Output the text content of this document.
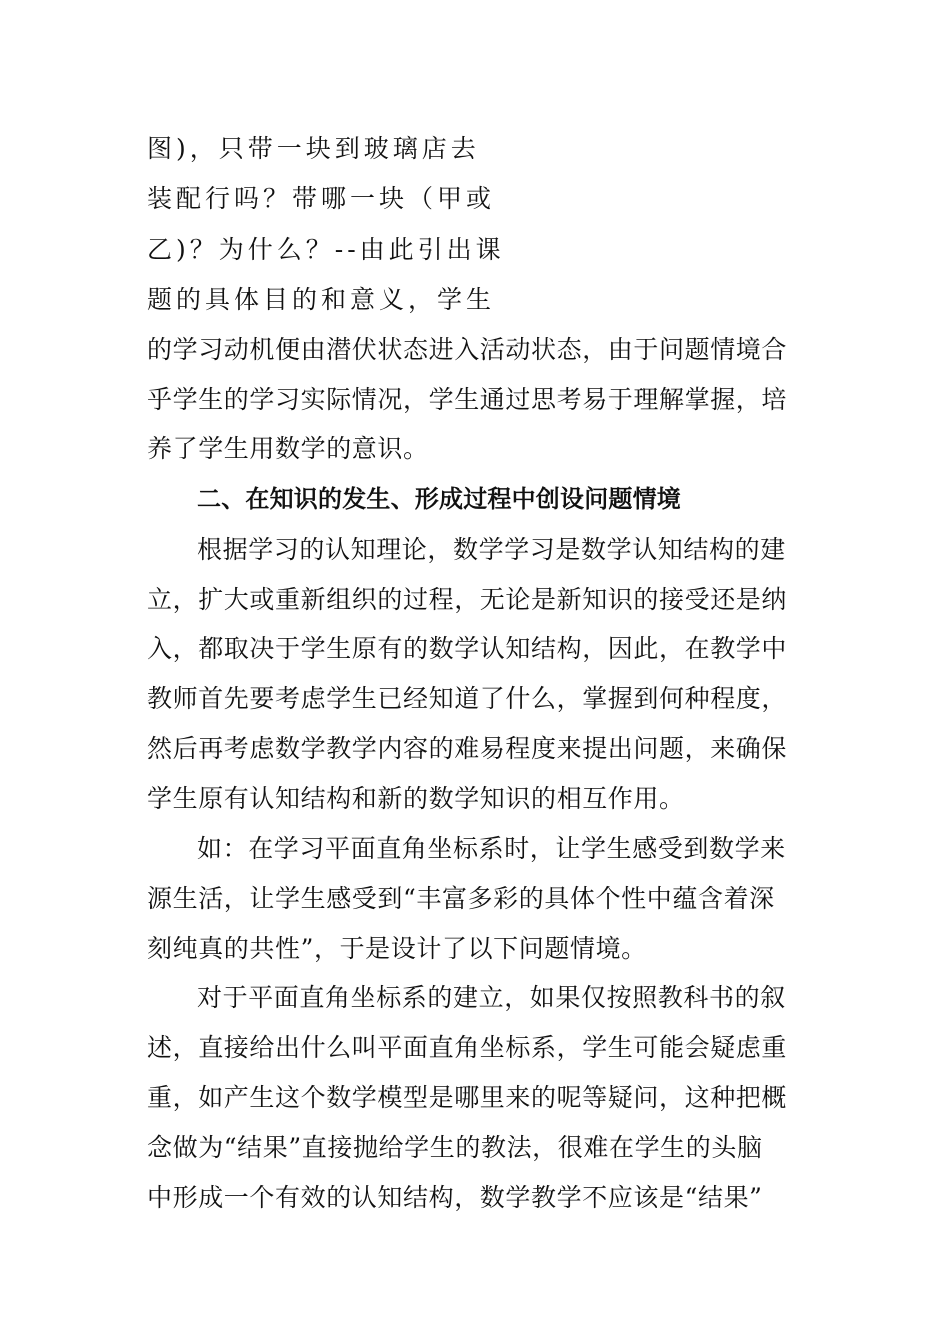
图)，只带一块到玻璃店去
装配行吗？带哪一块（甲或
乙)？为什么？--由此引出课
题的具体目的和意义，学生
的学习动机便由潜伏状态进入活动状态，由于问题情境合
乎学生的学习实际情况，学生通过思考易于理解掌握，培
养了学生用数学的意识。
二、在知识的发生、形成过程中创设问题情境
根据学习的认知理论，数学学习是数学认知结构的建
立，扩大或重新组织的过程，无论是新知识的接受还是纳
入，都取决于学生原有的数学认知结构，因此，在教学中
教师首先要考虑学生已经知道了什么，掌握到何种程度，
然后再考虑数学教学内容的难易程度来提出问题，来确保
学生原有认知结构和新的数学知识的相互作用。
如：在学习平面直角坐标系时，让学生感受到数学来
源生活，让学生感受到“丰富多彩的具体个性中蕴含着深
刻纯真的共性”，于是设计了以下问题情境。
对于平面直角坐标系的建立，如果仅按照教科书的叙
述，直接给出什么叫平面直角坐标系，学生可能会疑虑重
重，如产生这个数学模型是哪里来的呢等疑问，这种把概
念做为“结果”直接抛给学生的教法，很难在学生的头脑
中形成一个有效的认知结构，数学教学不应该是“结果”
